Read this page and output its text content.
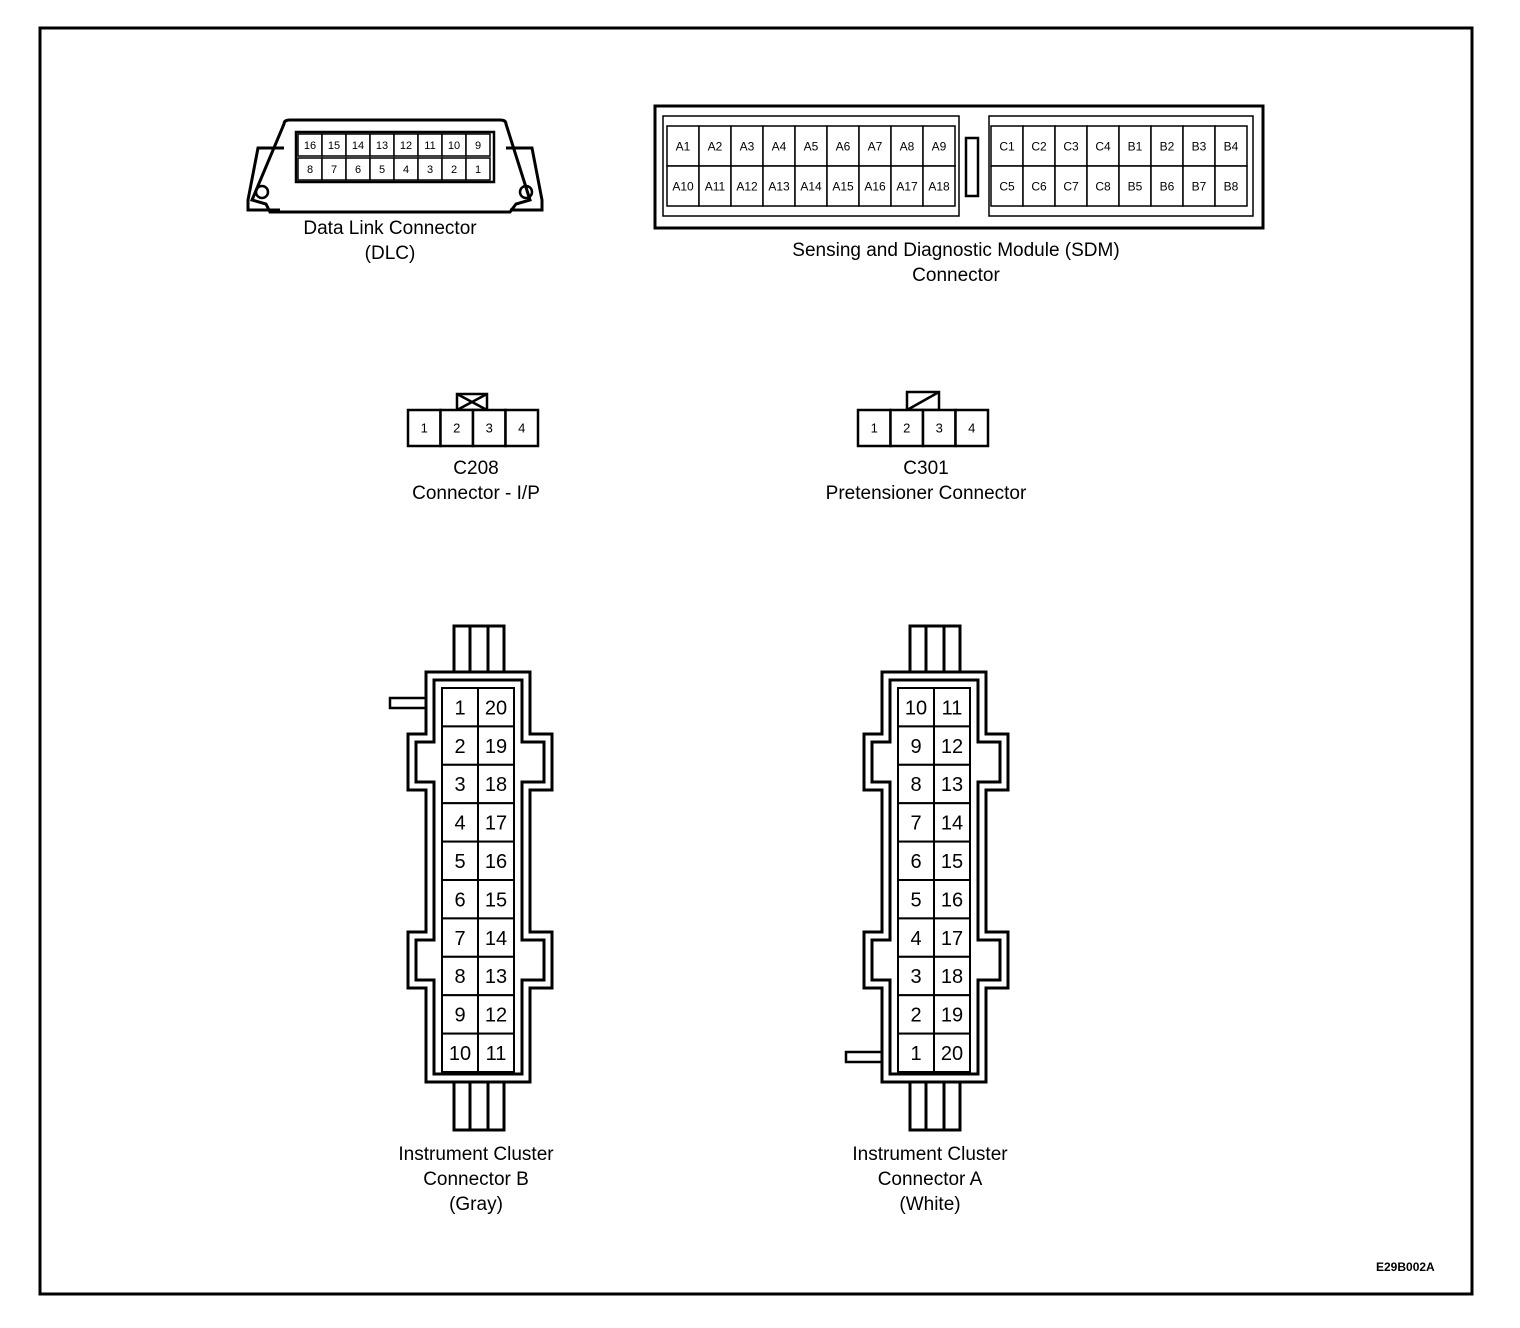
16 15 14 13 12 11 10 9
8 7 6 5 4 3 2 1
A1 A2 A3 A4 A5 A6 A7 A8 A9
A10 A11 A12 A13 A14 A15 A16 A17 A18
C1 C2 C3 C4 B1 B2 B3 B4
C5 C6 C7 C8 B5 B6 B7 B8
1 2 3 4	1 2 3 4
1
2
3
4
5
6
7
8
9
10
20
19
18
17
16
15
14
13
12
11
10
9
8
7
6
5
4
3
2
1
11
12
13
14
15
16
17
18
19
20
Data Link Connector
(DLC)	Sensing and Diagnostic Module (SDM)
Connector
C208
Connector - I/P
C301
Pretensioner Connector
Instrument Cluster
Connector B
(Gray)
Instrument Cluster
Connector A
(White)
E29B002A
